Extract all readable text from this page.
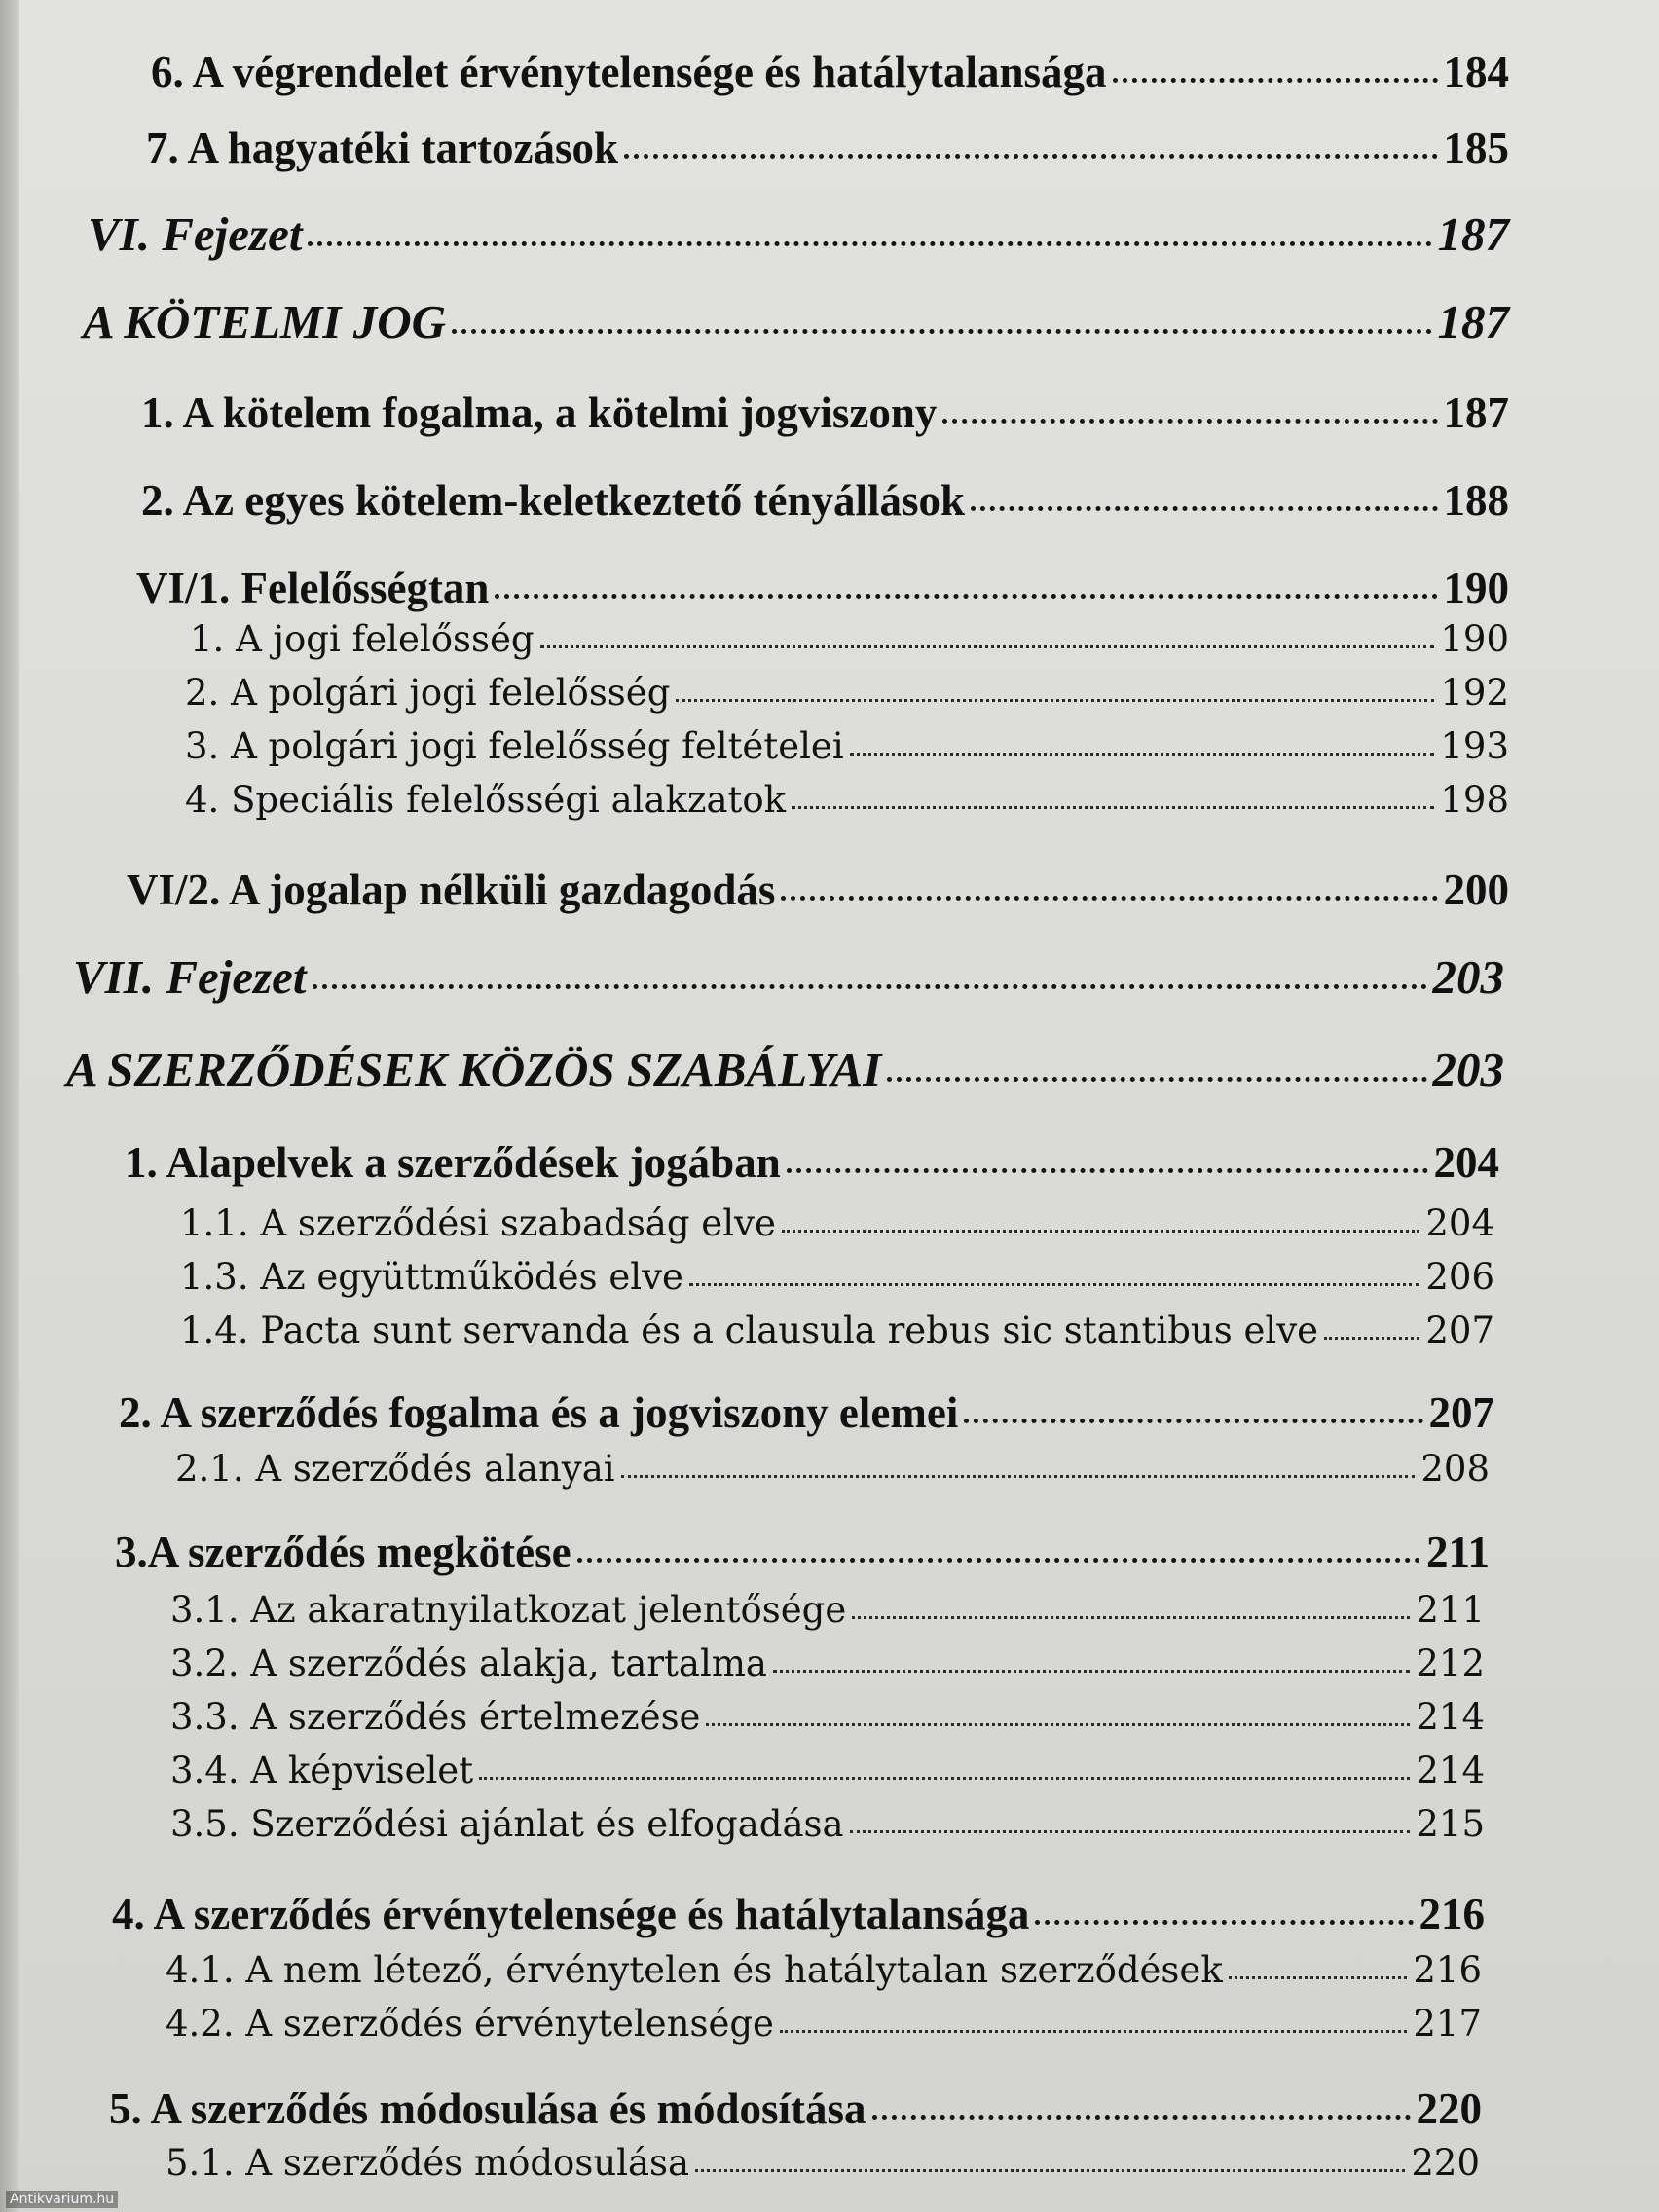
6. A végrendelet érvénytelensége és hatálytalansága	184
7. A hagyatéki tartozások	185
VI. Fejezet	187
A KÖTELMI JOG	187
1. A kötelem fogalma, a kötelmi jogviszony	187
2. Az egyes kötelem-keletkeztető tényállások	188
VI/1. Felelősségtan	190
1. A jogi felelősség	190
2. A polgári jogi felelősség	192
3. A polgári jogi felelősség feltételei	193
4. Speciális felelősségi alakzatok	198
VI/2. A jogalap nélküli gazdagodás	200
VII. Fejezet	203
A SZERZŐDÉSEK KÖZÖS SZABÁLYAI	203
1. Alapelvek a szerződések jogában	204
1.1. A szerződési szabadság elve	204
1.3. Az együttműködés elve	206
1.4. Pacta sunt servanda és a clausula rebus sic stantibus elve	207
2. A szerződés fogalma és a jogviszony elemei	207
2.1. A szerződés alanyai	208
3.A szerződés megkötése	211
3.1. Az akaratnyilatkozat jelentősége	211
3.2. A szerződés alakja, tartalma	212
3.3. A szerződés értelmezése	214
3.4. A képviselet	214
3.5. Szerződési ajánlat és elfogadása	215
4. A szerződés érvénytelensége és hatálytalansága	216
4.1. A nem létező, érvénytelen és hatálytalan szerződések	216
4.2. A szerződés érvénytelensége	217
5. A szerződés módosulása és módosítása	220
5.1. A szerződés módosulása	220
Antikvarium.hu
